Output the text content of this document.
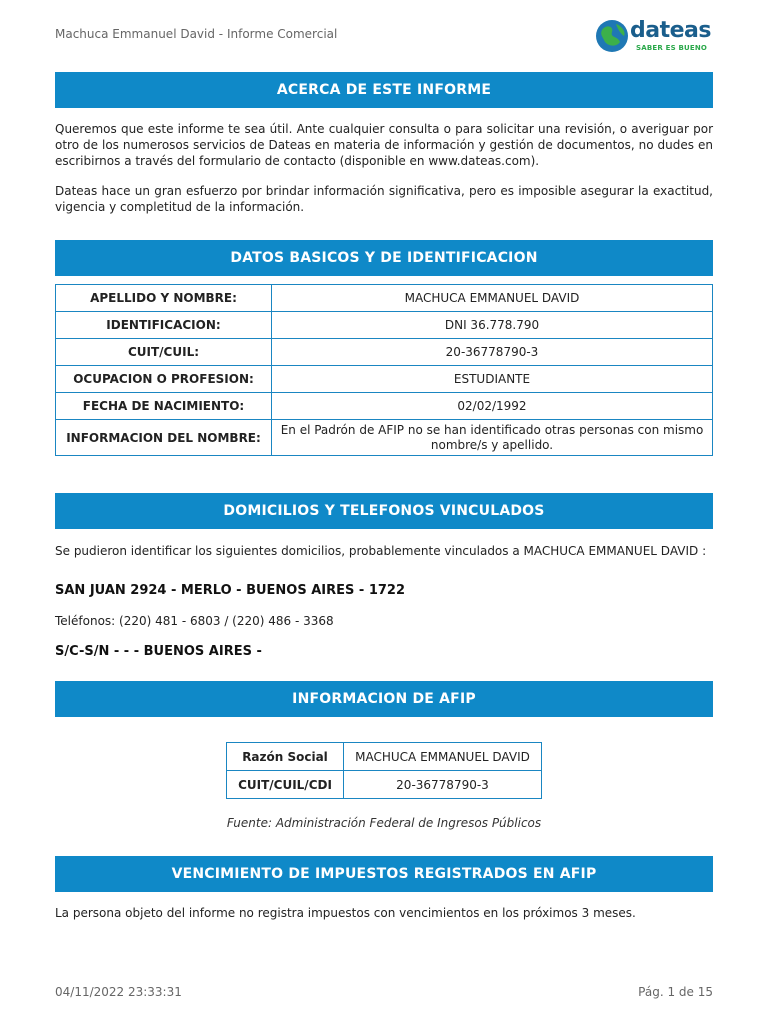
Machuca Emmanuel David - Informe Comercial	dateas
SABER ES BUENO
ACERCA DE ESTE INFORME
Queremos que este informe te sea útil. Ante cualquier consulta o para solicitar una revisión, o averiguar por otro de los numerosos servicios de Dateas en materia de información y gestión de documentos, no dudes en escribirnos a través del formulario de contacto (disponible en www.dateas.com).
Dateas hace un gran esfuerzo por brindar información significativa, pero es imposible asegurar la exactitud, vigencia y completitud de la información.
DATOS BASICOS Y DE IDENTIFICACION
APELLIDO Y NOMBRE:	MACHUCA EMMANUEL DAVID
IDENTIFICACION:	DNI 36.778.790
CUIT/CUIL:	20-36778790-3
OCUPACION O PROFESION:	ESTUDIANTE
FECHA DE NACIMIENTO:	02/02/1992
INFORMACION DEL NOMBRE:	En el Padrón de AFIP no se han identificado otras personas con mismo nombre/s y apellido.
DOMICILIOS Y TELEFONOS VINCULADOS
Se pudieron identificar los siguientes domicilios, probablemente vinculados a MACHUCA EMMANUEL DAVID :
SAN JUAN 2924 - MERLO - BUENOS AIRES - 1722
Teléfonos: (220) 481 - 6803 / (220) 486 - 3368
S/C-S/N - - - BUENOS AIRES -
INFORMACION DE AFIP
Razón Social	MACHUCA EMMANUEL DAVID
CUIT/CUIL/CDI	20-36778790-3
Fuente: Administración Federal de Ingresos Públicos
VENCIMIENTO DE IMPUESTOS REGISTRADOS EN AFIP
La persona objeto del informe no registra impuestos con vencimientos en los próximos 3 meses.
04/11/2022 23:33:31	Pág. 1 de 15
